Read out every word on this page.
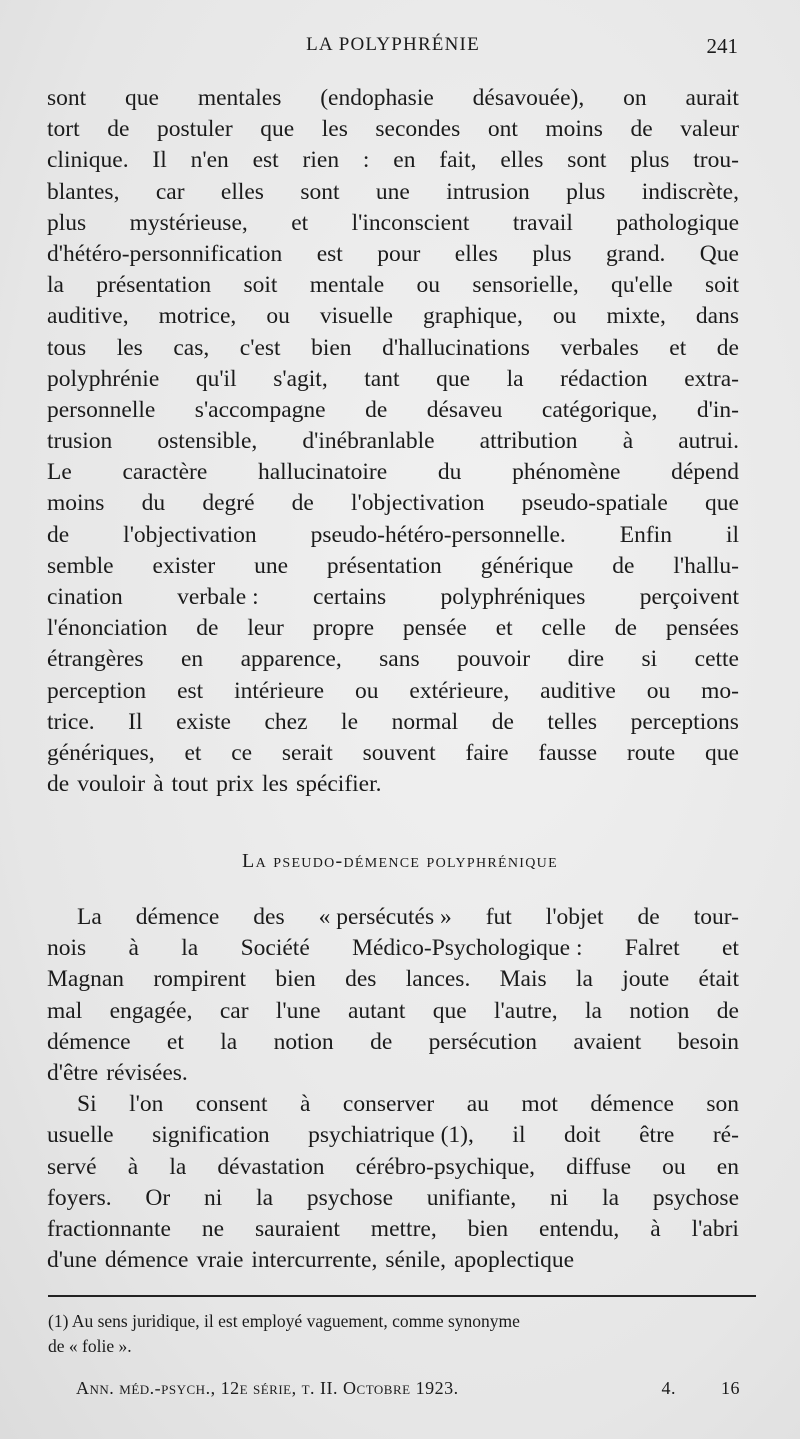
LA POLYPHRÉNIE	241
sont que mentales (endophasie désavouée), on aurait
tort de postuler que les secondes ont moins de valeur
clinique. Il n'en est rien : en fait, elles sont plus trou-
blantes, car elles sont une intrusion plus indiscrète,
plus mystérieuse, et l'inconscient travail pathologique
d'hétéro-personnification est pour elles plus grand. Que
la présentation soit mentale ou sensorielle, qu'elle soit
auditive, motrice, ou visuelle graphique, ou mixte, dans
tous les cas, c'est bien d'hallucinations verbales et de
polyphrénie qu'il s'agit, tant que la rédaction extra-
personnelle s'accompagne de désaveu catégorique, d'in-
trusion ostensible, d'inébranlable attribution à autrui.
Le caractère hallucinatoire du phénomène dépend
moins du degré de l'objectivation pseudo-spatiale que
de l'objectivation pseudo-hétéro-personnelle. Enfin il
semble exister une présentation générique de l'hallu-
cination verbale : certains polyphréniques perçoivent
l'énonciation de leur propre pensée et celle de pensées
étrangères en apparence, sans pouvoir dire si cette
perception est intérieure ou extérieure, auditive ou mo-
trice. Il existe chez le normal de telles perceptions
génériques, et ce serait souvent faire fausse route que
de vouloir à tout prix les spécifier.
La pseudo-démence polyphrénique
La démence des « persécutés » fut l'objet de tour-
nois à la Société Médico-Psychologique : Falret et
Magnan rompirent bien des lances. Mais la joute était
mal engagée, car l'une autant que l'autre, la notion de
démence et la notion de persécution avaient besoin
d'être révisées.
Si l'on consent à conserver au mot démence son
usuelle signification psychiatrique (1), il doit être ré-
servé à la dévastation cérébro-psychique, diffuse ou en
foyers. Or ni la psychose unifiante, ni la psychose
fractionnante ne sauraient mettre, bien entendu, à l'abri
d'une démence vraie intercurrente, sénile, apoplectique
(1) Au sens juridique, il est employé vaguement, comme synonyme
de « folie ».
Ann. méd.-psych., 12e série, t. II. Octobre 1923.	4.	16
